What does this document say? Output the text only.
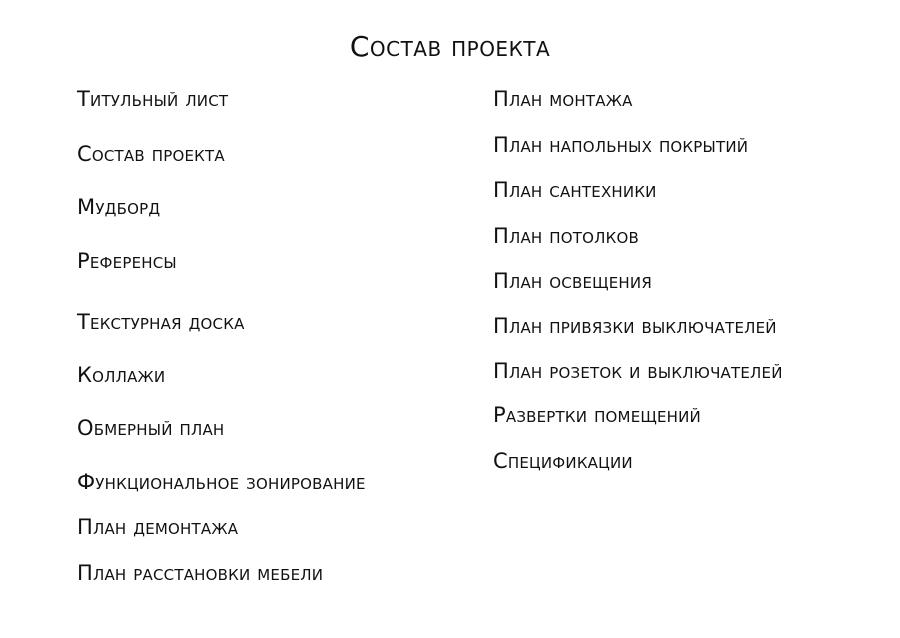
Состав проекта
Титульный лист
Состав проекта
Мудборд
Референсы
Текстурная доска
Коллажи
Обмерный план
Функциональное зонирование
План демонтажа
План расстановки мебели
План монтажа
План напольных покрытий
План сантехники
План потолков
План освещения
План привязки выключателей
План розеток и выключателей
Развертки помещений
Спецификации
